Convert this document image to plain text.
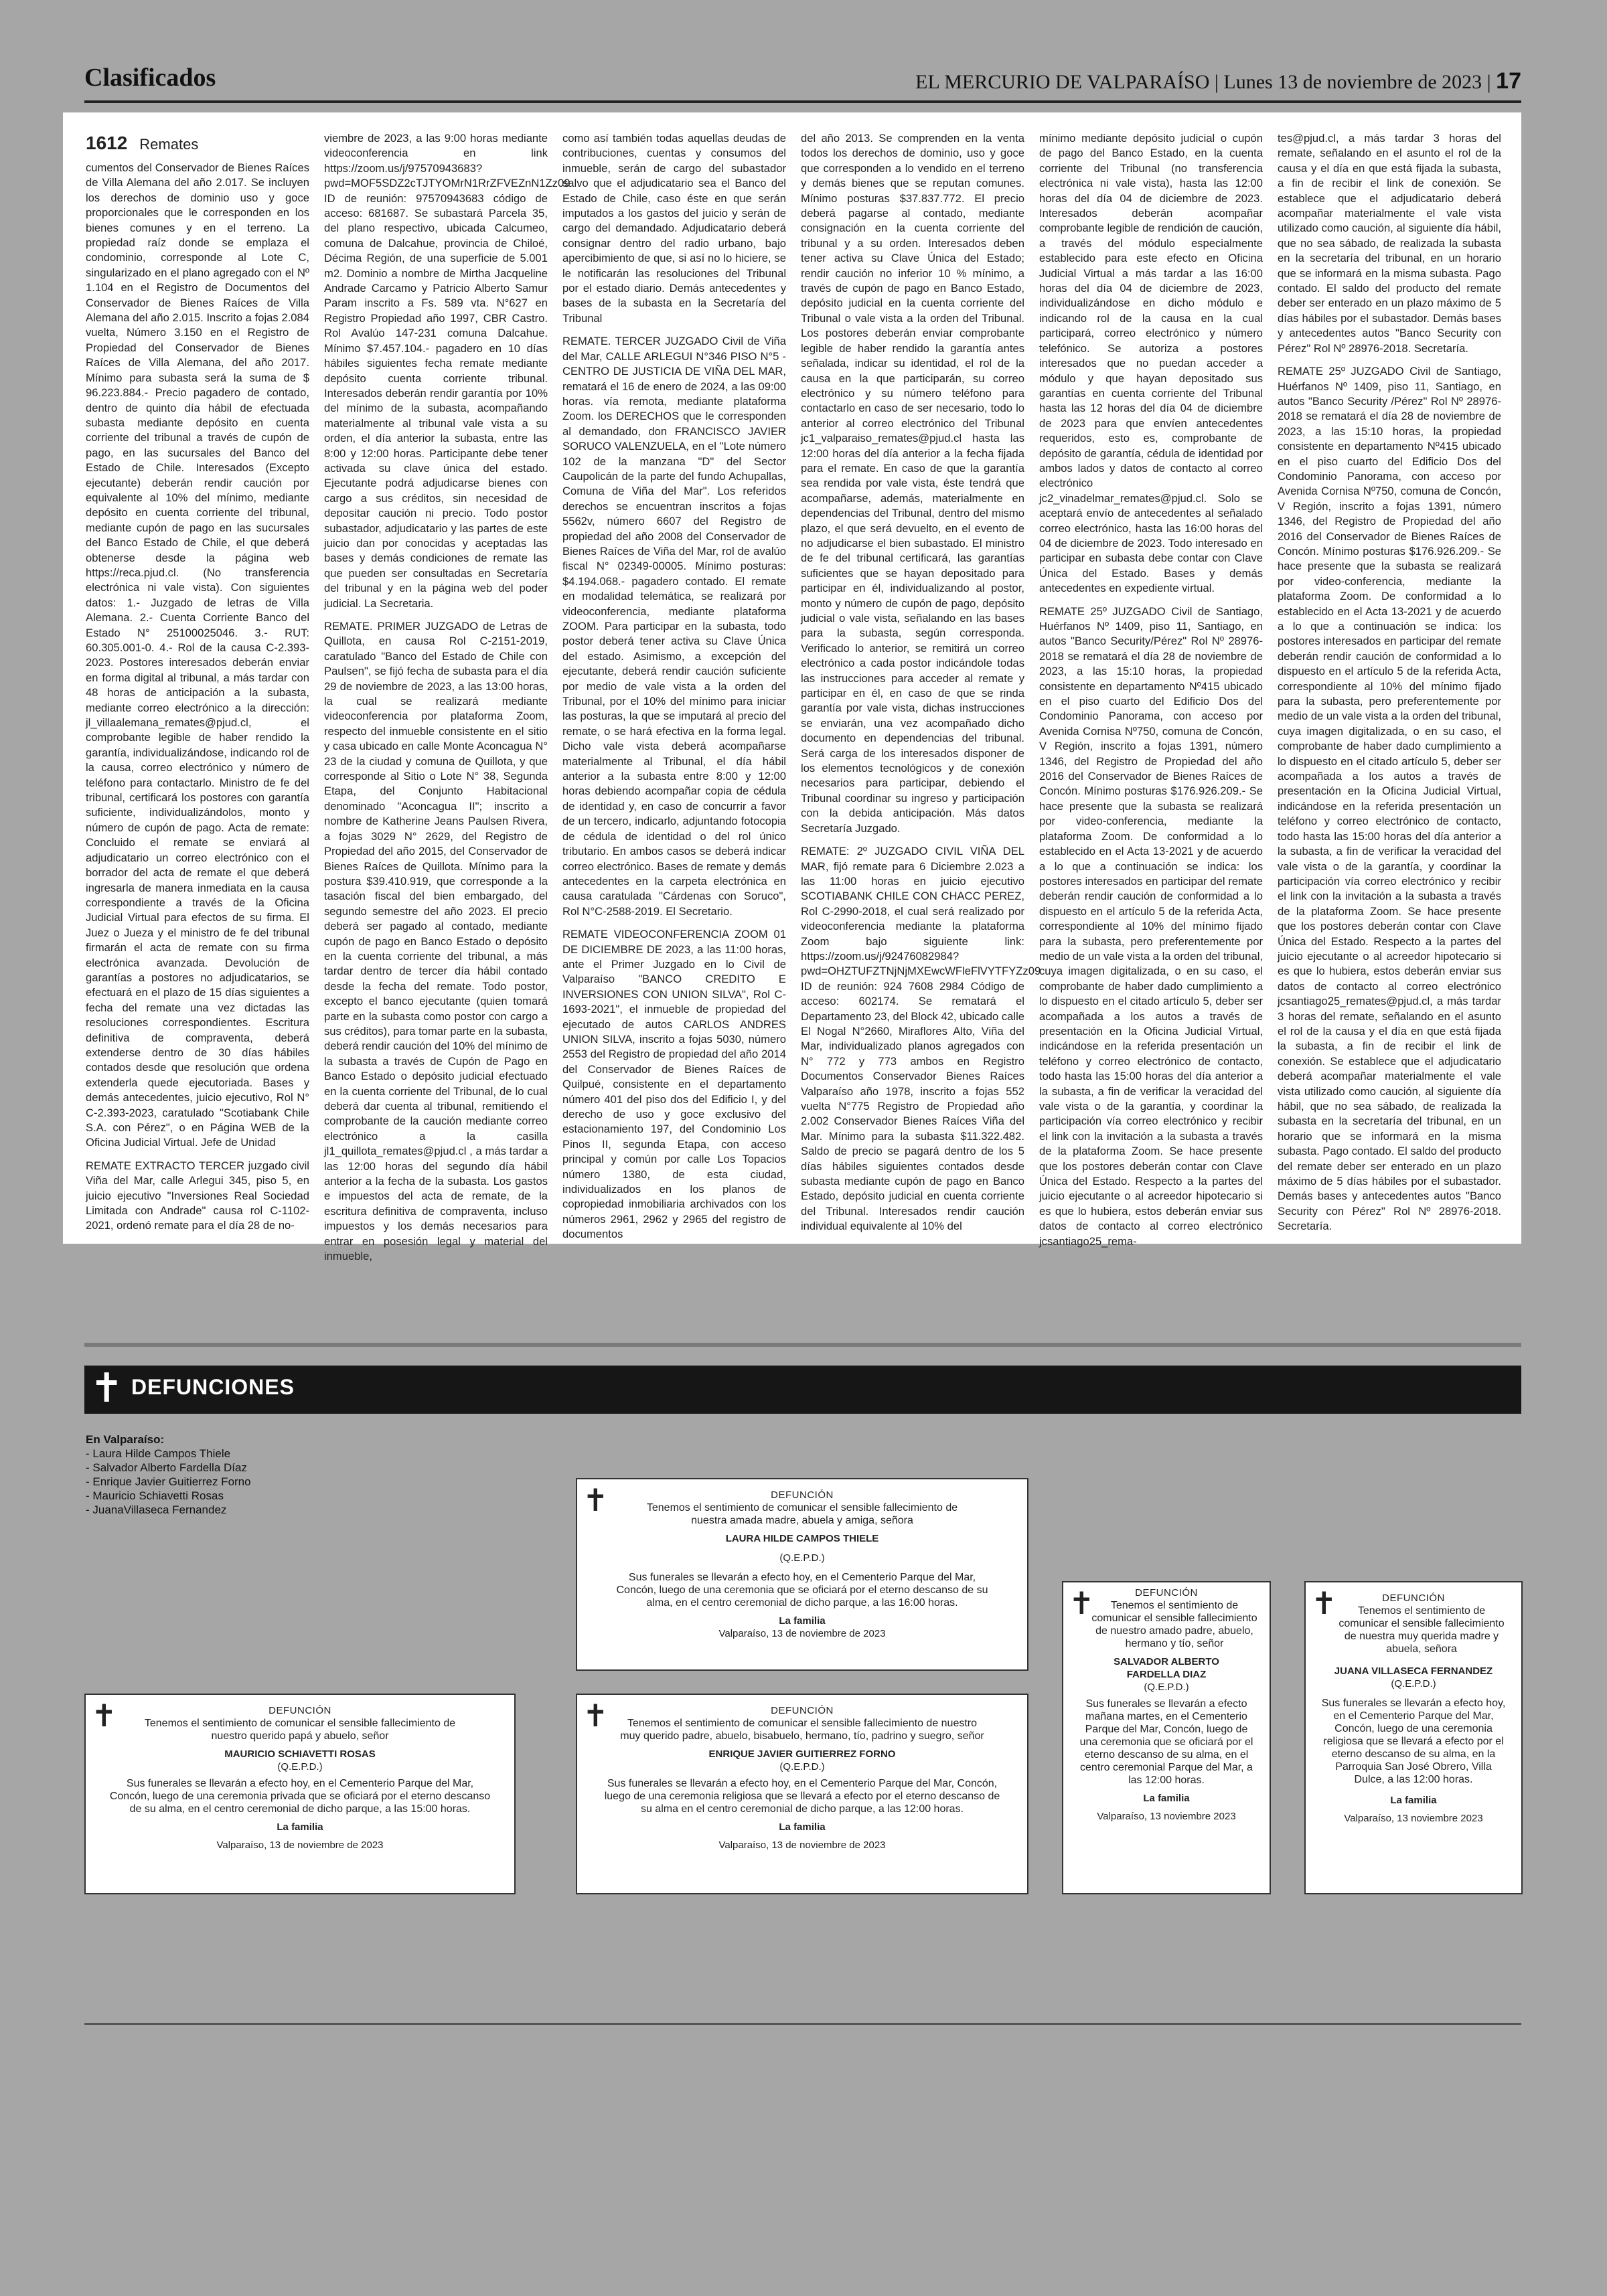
Clasificados	EL MERCURIO DE VALPARAÍSO | Lunes 13 de noviembre de 2023 | 17
1612 Remates

cumentos del Conservador de Bienes Raíces de Villa Alemana del año 2.017. Se incluyen los derechos de dominio uso y goce proporcionales que le corresponden en los bienes comunes y en el terreno. La propiedad raíz donde se emplaza el condominio, corresponde al Lote C, singularizado en el plano agregado con el Nº 1.104 en el Registro de Documentos del Conservador de Bienes Raíces de Villa Alemana del año 2.015. Inscrito a fojas 2.084 vuelta, Número 3.150 en el Registro de Propiedad del Conservador de Bienes Raíces de Villa Alemana, del año 2017. Mínimo para subasta será la suma de $ 96.223.884.- Precio pagadero de contado, dentro de quinto día hábil de efectuada subasta mediante depósito en cuenta corriente del tribunal a través de cupón de pago, en las sucursales del Banco del Estado de Chile. Interesados (Excepto ejecutante) deberán rendir caución por equivalente al 10% del mínimo, mediante depósito en cuenta corriente del tribunal, mediante cupón de pago en las sucursales del Banco Estado de Chile, el que deberá obtenerse desde la página web https://reca.pjud.cl. (No transferencia electrónica ni vale vista). Con siguientes datos: 1.- Juzgado de letras de Villa Alemana. 2.- Cuenta Corriente Banco del Estado N° 25100025046. 3.- RUT: 60.305.001-0. 4.- Rol de la causa C-2.393-2023. Postores interesados deberán enviar en forma digital al tribunal, a más tardar con 48 horas de anticipación a la subasta, mediante correo electrónico a la dirección: jl_villaalemana_remates@pjud.cl, el comprobante legible de haber rendido la garantía, individualizándose, indicando rol de la causa, correo electrónico y número de teléfono para contactarlo. Ministro de fe del tribunal, certificará los postores con garantía suficiente, individualizándolos, monto y número de cupón de pago. Acta de remate: Concluido el remate se enviará al adjudicatario un correo electrónico con el borrador del acta de remate el que deberá ingresarla de manera inmediata en la causa correspondiente a través de la Oficina Judicial Virtual para efectos de su firma. El Juez o Jueza y el ministro de fe del tribunal firmarán el acta de remate con su firma electrónica avanzada. Devolución de garantías a postores no adjudicatarios, se efectuará en el plazo de 15 días siguientes a fecha del remate una vez dictadas las resoluciones correspondientes. Escritura definitiva de compraventa, deberá extenderse dentro de 30 días hábiles contados desde que resolución que ordena extenderla quede ejecutoriada. Bases y demás antecedentes, juicio ejecutivo, Rol N° C-2.393-2023, caratulado "Scotiabank Chile S.A. con Pérez", o en Página WEB de la Oficina Judicial Virtual. Jefe de Unidad

REMATE EXTRACTO TERCER juzgado civil Viña del Mar, calle Arlegui 345, piso 5, en juicio ejecutivo "Inversiones Real Sociedad Limitada con Andrade" causa rol C-1102-2021, ordenó remate para el día 28 de no-

viembre de 2023, a las 9:00 horas mediante videoconferencia en link https://zoom.us/j/97570943683?pwd=MOF5SDZ2cTJTYOMrN1RrZFVEZnN1Zz09 ID de reunión: 97570943683 código de acceso: 681687. Se subastará Parcela 35, del plano respectivo, ubicada Calcumeo, comuna de Dalcahue, provincia de Chiloé, Décima Región, de una superficie de 5.001 m2. Dominio a nombre de Mirtha Jacqueline Andrade Carcamo y Patricio Alberto Samur Param inscrito a Fs. 589 vta. N°627 en Registro Propiedad año 1997, CBR Castro. Rol Avalúo 147-231 comuna Dalcahue. Mínimo $7.457.104.- pagadero en 10 días hábiles siguientes fecha remate mediante depósito cuenta corriente tribunal. Interesados deberán rendir garantía por 10% del mínimo de la subasta, acompañando materialmente al tribunal vale vista a su orden, el día anterior la subasta, entre las 8:00 y 12:00 horas. Participante debe tener activada su clave única del estado. Ejecutante podrá adjudicarse bienes con cargo a sus créditos, sin necesidad de depositar caución ni precio. Todo postor subastador, adjudicatario y las partes de este juicio dan por conocidas y aceptadas las bases y demás condiciones de remate las que pueden ser consultadas en Secretaría del tribunal y en la página web del poder judicial. La Secretaria.

REMATE. PRIMER JUZGADO de Letras de Quillota, en causa Rol C-2151-2019, caratulado "Banco del Estado de Chile con Paulsen", se fijó fecha de subasta para el día 29 de noviembre de 2023, a las 13:00 horas, la cual se realizará mediante videoconferencia por plataforma Zoom, respecto del inmueble consistente en el sitio y casa ubicado en calle Monte Aconcagua N° 23 de la ciudad y comuna de Quillota, y que corresponde al Sitio o Lote N° 38, Segunda Etapa, del Conjunto Habitacional denominado "Aconcagua II"; inscrito a nombre de Katherine Jeans Paulsen Rivera, a fojas 3029 N° 2629, del Registro de Propiedad del año 2015, del Conservador de Bienes Raíces de Quillota. Mínimo para la postura $39.410.919, que corresponde a la tasación fiscal del bien embargado, del segundo semestre del año 2023. El precio deberá ser pagado al contado, mediante cupón de pago en Banco Estado o depósito en la cuenta corriente del tribunal, a más tardar dentro de tercer día hábil contado desde la fecha del remate. Todo postor, excepto el banco ejecutante (quien tomará parte en la subasta como postor con cargo a sus créditos), para tomar parte en la subasta, deberá rendir caución del 10% del mínimo de la subasta a través de Cupón de Pago en Banco Estado o depósito judicial efectuado en la cuenta corriente del Tribunal, de lo cual deberá dar cuenta al tribunal, remitiendo el comprobante de la caución mediante correo electrónico a la casilla jl1_quillota_remates@pjud.cl , a más tardar a las 12:00 horas del segundo día hábil anterior a la fecha de la subasta. Los gastos e impuestos del acta de remate, de la escritura definitiva de compraventa, incluso impuestos y los demás necesarios para entrar en posesión legal y material del inmueble,

como así también todas aquellas deudas de contribuciones, cuentas y consumos del inmueble, serán de cargo del subastador salvo que el adjudicatario sea el Banco del Estado de Chile, caso éste en que serán imputados a los gastos del juicio y serán de cargo del demandado. Adjudicatario deberá consignar dentro del radio urbano, bajo apercibimiento de que, si así no lo hiciere, se le notificarán las resoluciones del Tribunal por el estado diario. Demás antecedentes y bases de la subasta en la Secretaría del Tribunal

REMATE. TERCER JUZGADO Civil de Viña del Mar, CALLE ARLEGUI N°346 PISO N°5 - CENTRO DE JUSTICIA DE VIÑA DEL MAR, rematará el 16 de enero de 2024, a las 09:00 horas. vía remota, mediante plataforma Zoom. los DERECHOS que le corresponden al demandado, don FRANCISCO JAVIER SORUCO VALENZUELA, en el "Lote número 102 de la manzana "D" del Sector Caupolicán de la parte del fundo Achupallas, Comuna de Viña del Mar". Los referidos derechos se encuentran inscritos a fojas 5562v, número 6607 del Registro de propiedad del año 2008 del Conservador de Bienes Raíces de Viña del Mar, rol de avalúo fiscal N° 02349-00005. Mínimo posturas: $4.194.068.- pagadero contado. El remate en modalidad telemática, se realizará por videoconferencia, mediante plataforma ZOOM. Para participar en la subasta, todo postor deberá tener activa su Clave Única del estado. Asimismo, a excepción del ejecutante, deberá rendir caución suficiente por medio de vale vista a la orden del Tribunal, por el 10% del mínimo para iniciar las posturas, la que se imputará al precio del remate, o se hará efectiva en la forma legal. Dicho vale vista deberá acompañarse materialmente al Tribunal, el día hábil anterior a la subasta entre 8:00 y 12:00 horas debiendo acompañar copia de cédula de identidad y, en caso de concurrir a favor de un tercero, indicarlo, adjuntando fotocopia de cédula de identidad o del rol único tributario. En ambos casos se deberá indicar correo electrónico. Bases de remate y demás antecedentes en la carpeta electrónica en causa caratulada "Cárdenas con Soruco", Rol N°C-2588-2019. El Secretario.

REMATE VIDEOCONFERENCIA ZOOM 01 DE DICIEMBRE DE 2023, a las 11:00 horas, ante el Primer Juzgado en lo Civil de Valparaíso "BANCO CREDITO E INVERSIONES CON UNION SILVA", Rol C-1693-2021", el inmueble de propiedad del ejecutado de autos CARLOS ANDRES UNION SILVA, inscrito a fojas 5030, número 2553 del Registro de propiedad del año 2014 del Conservador de Bienes Raíces de Quilpué, consistente en el departamento número 401 del piso dos del Edificio I, y del derecho de uso y goce exclusivo del estacionamiento 197, del Condominio Los Pinos II, segunda Etapa, con acceso principal y común por calle Los Topacios número 1380, de esta ciudad, individualizados en los planos de copropiedad inmobiliaria archivados con los números 2961, 2962 y 2965 del registro de documentos

del año 2013. Se comprenden en la venta todos los derechos de dominio, uso y goce que corresponden a lo vendido en el terreno y demás bienes que se reputan comunes. Mínimo posturas $37.837.772. El precio deberá pagarse al contado, mediante consignación en la cuenta corriente del tribunal y a su orden. Interesados deben tener activa su Clave Única del Estado; rendir caución no inferior 10 % mínimo, a través de cupón de pago en Banco Estado, depósito judicial en la cuenta corriente del Tribunal o vale vista a la orden del Tribunal. Los postores deberán enviar comprobante legible de haber rendido la garantía antes señalada, indicar su identidad, el rol de la causa en la que participarán, su correo electrónico y su número teléfono para contactarlo en caso de ser necesario, todo lo anterior al correo electrónico del Tribunal jc1_valparaiso_remates@pjud.cl hasta las 12:00 horas del día anterior a la fecha fijada para el remate. En caso de que la garantía sea rendida por vale vista, éste tendrá que acompañarse, además, materialmente en dependencias del Tribunal, dentro del mismo plazo, el que será devuelto, en el evento de no adjudicarse el bien subastado. El ministro de fe del tribunal certificará, las garantías suficientes que se hayan depositado para participar en él, individualizando al postor, monto y número de cupón de pago, depósito judicial o vale vista, señalando en las bases para la subasta, según corresponda. Verificado lo anterior, se remitirá un correo electrónico a cada postor indicándole todas las instrucciones para acceder al remate y participar en él, en caso de que se rinda garantía por vale vista, dichas instrucciones se enviarán, una vez acompañado dicho documento en dependencias del tribunal. Será carga de los interesados disponer de los elementos tecnológicos y de conexión necesarios para participar, debiendo el Tribunal coordinar su ingreso y participación con la debida anticipación. Más datos Secretaría Juzgado.

REMATE: 2º JUZGADO CIVIL VIÑA DEL MAR, fijó remate para 6 Diciembre 2.023 a las 11:00 horas en juicio ejecutivo SCOTIABANK CHILE CON CHACC PEREZ, Rol C-2990-2018, el cual será realizado por videoconferencia mediante la plataforma Zoom bajo siguiente link: https://zoom.us/j/92476082984?pwd=OHZTUFZTNjNjMXEwcWFleFlVYTFYZz09 ID de reunión: 924 7608 2984 Código de acceso: 602174. Se rematará el Departamento 23, del Block 42, ubicado calle El Nogal N°2660, Miraflores Alto, Viña del Mar, individualizado planos agregados con N° 772 y 773 ambos en Registro Documentos Conservador Bienes Raíces Valparaíso año 1978, inscrito a fojas 552 vuelta N°775 Registro de Propiedad año 2.002 Conservador Bienes Raíces Viña del Mar. Mínimo para la subasta $11.322.482. Saldo de precio se pagará dentro de los 5 días hábiles siguientes contados desde subasta mediante cupón de pago en Banco Estado, depósito judicial en cuenta corriente del Tribunal. Interesados rendir caución individual equivalente al 10% del

mínimo mediante depósito judicial o cupón de pago del Banco Estado, en la cuenta corriente del Tribunal (no transferencia electrónica ni vale vista), hasta las 12:00 horas del día 04 de diciembre de 2023. Interesados deberán acompañar comprobante legible de rendición de caución, a través del módulo especialmente establecido para este efecto en Oficina Judicial Virtual a más tardar a las 16:00 horas del día 04 de diciembre de 2023, individualizándose en dicho módulo e indicando rol de la causa en la cual participará, correo electrónico y número telefónico. Se autoriza a postores interesados que no puedan acceder a módulo y que hayan depositado sus garantías en cuenta corriente del Tribunal hasta las 12 horas del día 04 de diciembre de 2023 para que envíen antecedentes requeridos, esto es, comprobante de depósito de garantía, cédula de identidad por ambos lados y datos de contacto al correo electrónico jc2_vinadelmar_remates@pjud.cl. Solo se aceptará envío de antecedentes al señalado correo electrónico, hasta las 16:00 horas del 04 de diciembre de 2023. Todo interesado en participar en subasta debe contar con Clave Única del Estado. Bases y demás antecedentes en expediente virtual.

REMATE 25º JUZGADO Civil de Santiago, Huérfanos Nº 1409, piso 11, Santiago, en autos "Banco Security/Pérez" Rol Nº 28976-2018 se rematará el día 28 de noviembre de 2023, a las 15:10 horas, la propiedad consistente en departamento Nº415 ubicado en el piso cuarto del Edificio Dos del Condominio Panorama, con acceso por Avenida Cornisa Nº750, comuna de Concón, V Región, inscrito a fojas 1391, número 1346, del Registro de Propiedad del año 2016 del Conservador de Bienes Raíces de Concón. Mínimo posturas $176.926.209.- Se hace presente que la subasta se realizará por video-conferencia, mediante la plataforma Zoom. De conformidad a lo establecido en el Acta 13-2021 y de acuerdo a lo que a continuación se indica: los postores interesados en participar del remate deberán rendir caución de conformidad a lo dispuesto en el artículo 5 de la referida Acta, correspondiente al 10% del mínimo fijado para la subasta, pero preferentemente por medio de un vale vista a la orden del tribunal, cuya imagen digitalizada, o en su caso, el comprobante de haber dado cumplimiento a lo dispuesto en el citado artículo 5, deber ser acompañada a los autos a través de presentación en la Oficina Judicial Virtual, indicándose en la referida presentación un teléfono y correo electrónico de contacto, todo hasta las 15:00 horas del día anterior a la subasta, a fin de verificar la veracidad del vale vista o de la garantía, y coordinar la participación vía correo electrónico y recibir el link con la invitación a la subasta a través de la plataforma Zoom. Se hace presente que los postores deberán contar con Clave Única del Estado. Respecto a la partes del juicio ejecutante o al acreedor hipotecario si es que lo hubiera, estos deberán enviar sus datos de contacto al correo electrónico jcsantiago25_rema-

tes@pjud.cl, a más tardar 3 horas del remate, señalando en el asunto el rol de la causa y el día en que está fijada la subasta, a fin de recibir el link de conexión. Se establece que el adjudicatario deberá acompañar materialmente el vale vista utilizado como caución, al siguiente día hábil, que no sea sábado, de realizada la subasta en la secretaría del tribunal, en un horario que se informará en la misma subasta. Pago contado. El saldo del producto del remate deber ser enterado en un plazo máximo de 5 días hábiles por el subastador. Demás bases y antecedentes autos "Banco Security con Pérez" Rol Nº 28976-2018. Secretaría.

REMATE 25º JUZGADO Civil de Santiago, Huérfanos Nº 1409, piso 11, Santiago, en autos "Banco Security /Pérez" Rol Nº 28976-2018 se rematará el día 28 de noviembre de 2023, a las 15:10 horas, la propiedad consistente en departamento Nº415 ubicado en el piso cuarto del Edificio Dos del Condominio Panorama, con acceso por Avenida Cornisa Nº750, comuna de Concón, V Región, inscrito a fojas 1391, número 1346, del Registro de Propiedad del año 2016 del Conservador de Bienes Raíces de Concón. Mínimo posturas $176.926.209.- Se hace presente que la subasta se realizará por video-conferencia, mediante la plataforma Zoom. De conformidad a lo establecido en el Acta 13-2021 y de acuerdo a lo que a continuación se indica: los postores interesados en participar del remate deberán rendir caución de conformidad a lo dispuesto en el artículo 5 de la referida Acta, correspondiente al 10% del mínimo fijado para la subasta, pero preferentemente por medio de un vale vista a la orden del tribunal, cuya imagen digitalizada, o en su caso, el comprobante de haber dado cumplimiento a lo dispuesto en el citado artículo 5, deber ser acompañada a los autos a través de presentación en la Oficina Judicial Virtual, indicándose en la referida presentación un teléfono y correo electrónico de contacto, todo hasta las 15:00 horas del día anterior a la subasta, a fin de verificar la veracidad del vale vista o de la garantía, y coordinar la participación vía correo electrónico y recibir el link con la invitación a la subasta a través de la plataforma Zoom. Se hace presente que los postores deberán contar con Clave Única del Estado. Respecto a la partes del juicio ejecutante o al acreedor hipotecario si es que lo hubiera, estos deberán enviar sus datos de contacto al correo electrónico jcsantiago25_remates@pjud.cl, a más tardar 3 horas del remate, señalando en el asunto el rol de la causa y el día en que está fijada la subasta, a fin de recibir el link de conexión. Se establece que el adjudicatario deberá acompañar materialmente el vale vista utilizado como caución, al siguiente día hábil, que no sea sábado, de realizada la subasta en la secretaría del tribunal, en un horario que se informará en la misma subasta. Pago contado. El saldo del producto del remate deber ser enterado en un plazo máximo de 5 días hábiles por el subastador. Demás bases y antecedentes autos "Banco Security con Pérez" Rol Nº 28976-2018. Secretaría.

✝ DEFUNCIONES
En Valparaíso:
- Laura Hilde Campos Thiele
- Salvador Alberto Fardella Díaz
- Enrique Javier Guitierrez Forno
- Mauricio Schiavetti Rosas
- JuanaVillaseca Fernandez	✝	DEFUNCIÓN
Tenemos el sentimiento de comunicar el sensible fallecimiento de nuestra amada madre, abuela y amiga, señora
LAURA HILDE CAMPOS THIELE
(Q.E.P.D.)
Sus funerales se llevarán a efecto hoy, en el Cementerio Parque del Mar, Concón, luego de una ceremonia que se oficiará por el eterno descanso de su alma, en el centro ceremonial de dicho parque, a las 16:00 horas.
La familia
Valparaíso, 13 de noviembre de 2023
✝	DEFUNCIÓN
Tenemos el sentimiento de comunicar el sensible fallecimiento de nuestro querido papá y abuelo, señor
MAURICIO SCHIAVETTI ROSAS
(Q.E.P.D.)
Sus funerales se llevarán a efecto hoy, en el Cementerio Parque del Mar, Concón, luego de una ceremonia privada que se oficiará por el eterno descanso de su alma, en el centro ceremonial de dicho parque, a las 15:00 horas.
La familia
Valparaíso, 13 de noviembre de 2023
✝	DEFUNCIÓN
Tenemos el sentimiento de comunicar el sensible fallecimiento de nuestro muy querido padre, abuelo, bisabuelo, hermano, tío, padrino y suegro, señor
ENRIQUE JAVIER GUITIERREZ FORNO
(Q.E.P.D.)
Sus funerales se llevarán a efecto hoy, en el Cementerio Parque del Mar, Concón, luego de una ceremonia religiosa que se llevará a efecto por el eterno descanso de su alma en el centro ceremonial de dicho parque, a las 12:00 horas.
La familia
Valparaíso, 13 de noviembre de 2023
✝	DEFUNCIÓN
Tenemos el sentimiento de comunicar el sensible fallecimiento de nuestro amado padre, abuelo, hermano y tío, señor
SALVADOR ALBERTO FARDELLA DIAZ
(Q.E.P.D.)
Sus funerales se llevarán a efecto mañana martes, en el Cementerio Parque del Mar, Concón, luego de una ceremonia que se oficiará por el eterno descanso de su alma, en el centro ceremonial Parque del Mar, a las 12:00 horas.
La familia
Valparaíso, 13 noviembre 2023
✝	DEFUNCIÓN
Tenemos el sentimiento de comunicar el sensible fallecimiento de nuestra muy querida madre y abuela, señora
JUANA VILLASECA FERNANDEZ
(Q.E.P.D.)
Sus funerales se llevarán a efecto hoy, en el Cementerio Parque del Mar, Concón, luego de una ceremonia religiosa que se llevará a efecto por el eterno descanso de su alma, en la Parroquia San José Obrero, Villa Dulce, a las 12:00 horas.
La familia
Valparaíso, 13 noviembre 2023
